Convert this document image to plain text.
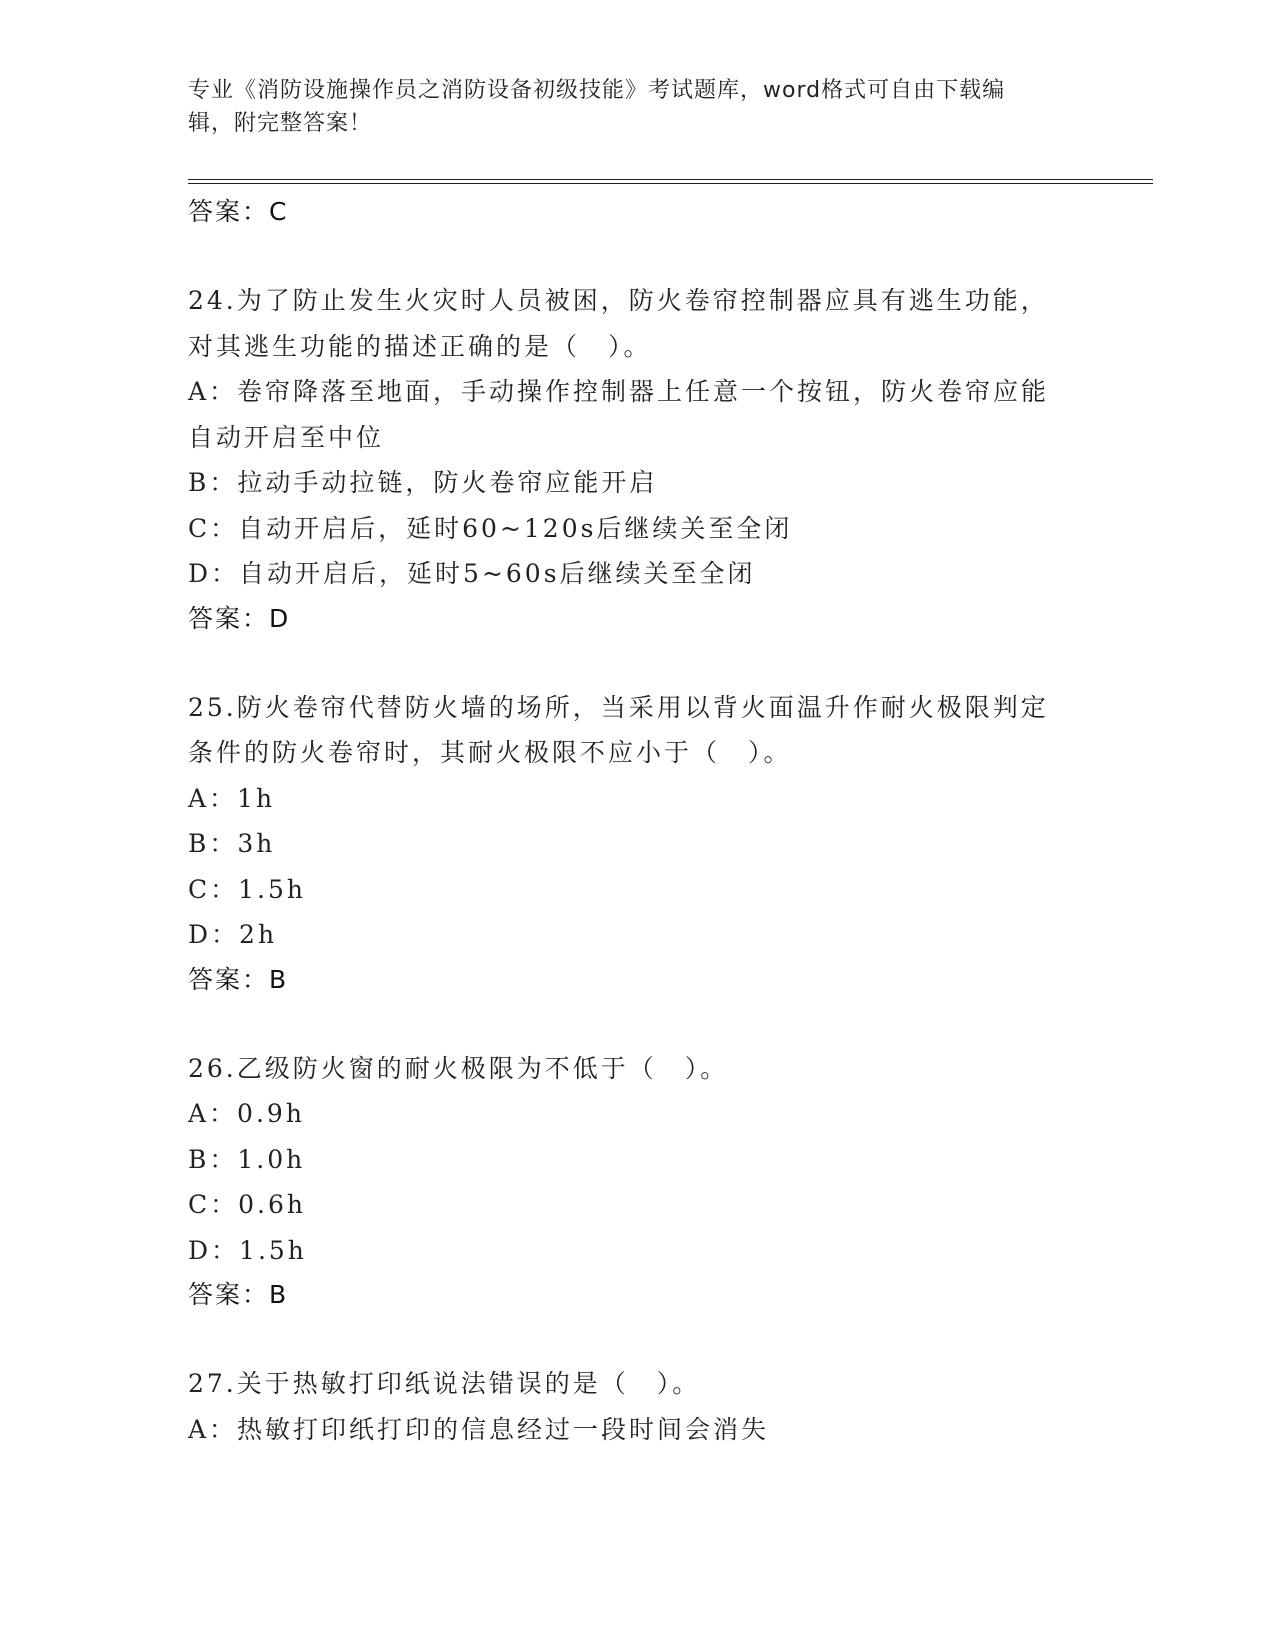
专业《消防设施操作员之消防设备初级技能》考试题库，word格式可自由下载编
辑，附完整答案！
答案：C
24.为了防止发生火灾时人员被困，防火卷帘控制器应具有逃生功能，
对其逃生功能的描述正确的是（　）。
A：卷帘降落至地面，手动操作控制器上任意一个按钮，防火卷帘应能
自动开启至中位
B：拉动手动拉链，防火卷帘应能开启
C：自动开启后，延时60~120s后继续关至全闭
D：自动开启后，延时5~60s后继续关至全闭
答案：D
25.防火卷帘代替防火墙的场所，当采用以背火面温升作耐火极限判定
条件的防火卷帘时，其耐火极限不应小于（　）。
A：1h
B：3h
C：1.5h
D：2h
答案：B
26.乙级防火窗的耐火极限为不低于（　）。
A：0.9h
B：1.0h
C：0.6h
D：1.5h
答案：B
27.关于热敏打印纸说法错误的是（　）。
A：热敏打印纸打印的信息经过一段时间会消失
